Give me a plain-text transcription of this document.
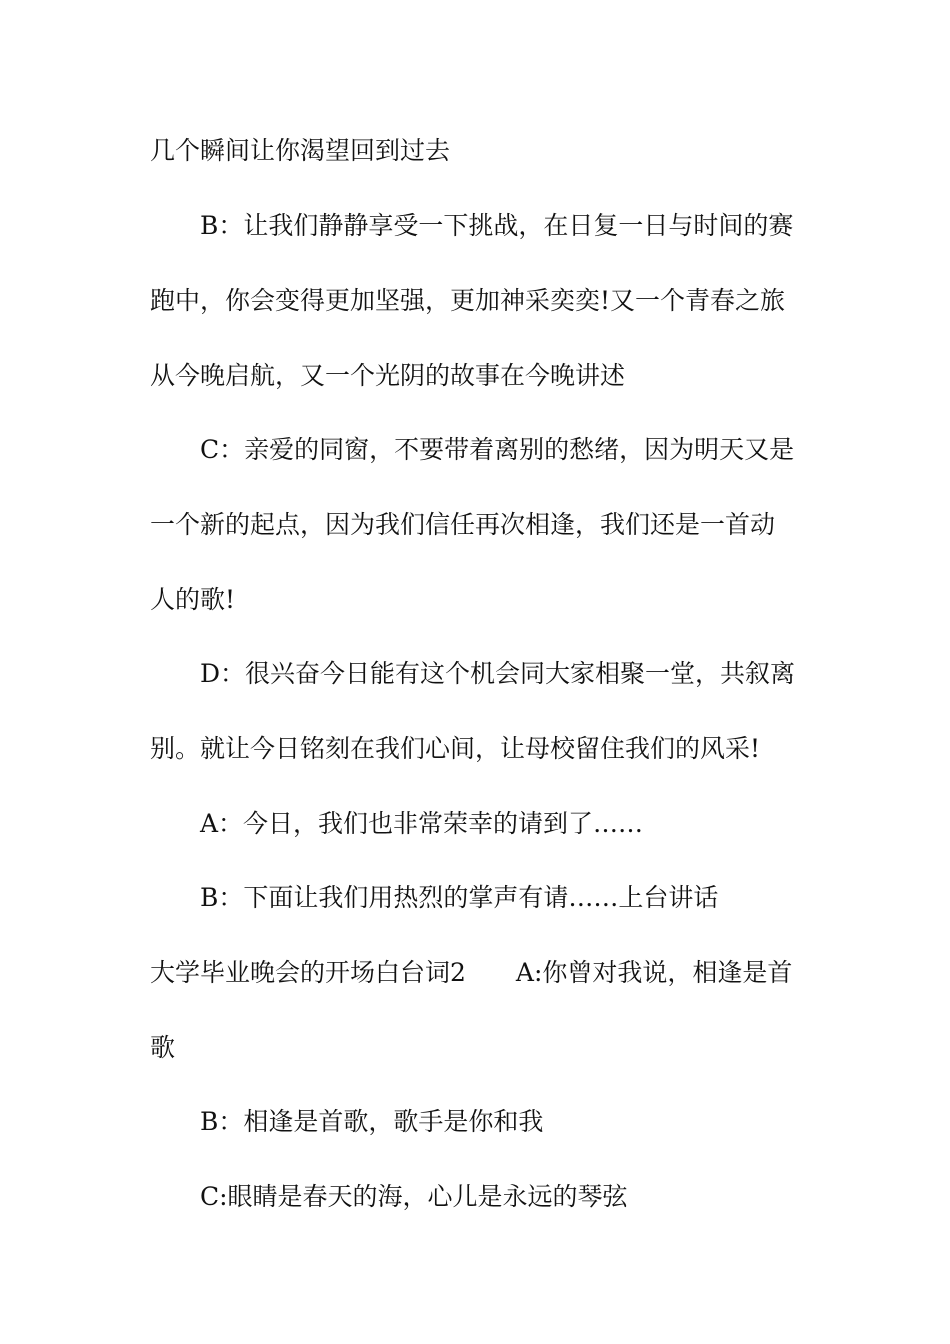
几个瞬间让你渴望回到过去
B：让我们静静享受一下挑战，在日复一日与时间的赛
跑中，你会变得更加坚强，更加神采奕奕!又一个青春之旅
从今晚启航，又一个光阴的故事在今晚讲述
C：亲爱的同窗，不要带着离别的愁绪，因为明天又是
一个新的起点，因为我们信任再次相逢，我们还是一首动
人的歌!
D：很兴奋今日能有这个机会同大家相聚一堂，共叙离
别。就让今日铭刻在我们心间，让母校留住我们的风采!
A：今日，我们也非常荣幸的请到了……
B：下面让我们用热烈的掌声有请……上台讲话
大学毕业晚会的开场白台词2　　A:你曾对我说，相逢是首
歌
B：相逢是首歌，歌手是你和我
C:眼睛是春天的海，心儿是永远的琴弦
